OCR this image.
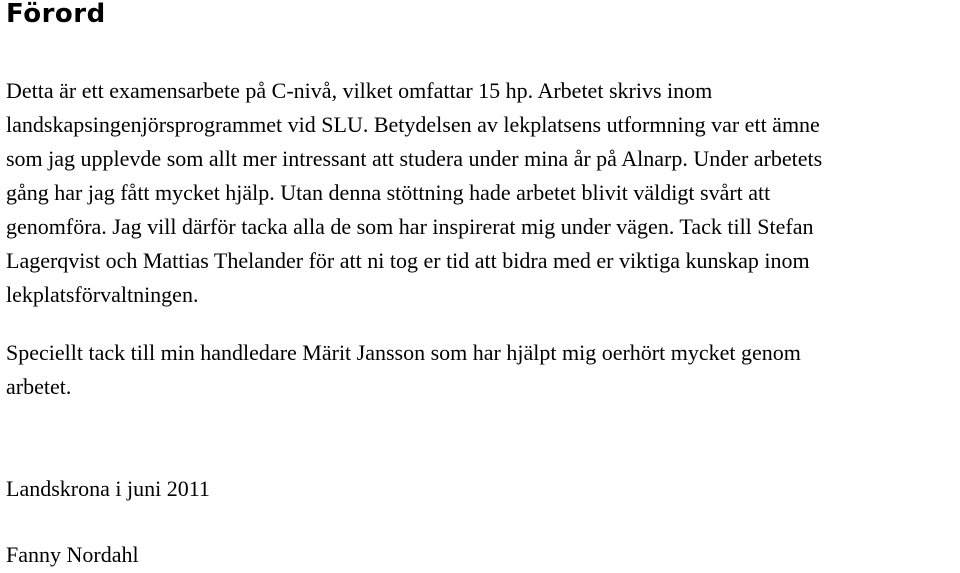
Förord

Detta är ett examensarbete på C-nivå, vilket omfattar 15 hp. Arbetet skrivs inom

landskapsingenjörsprogrammet vid SLU. Betydelsen av lekplatsens utformning var ett ämne

som jag upplevde som allt mer intressant att studera under mina år på Alnarp. Under arbetets

gång har jag fått mycket hjälp. Utan denna stöttning hade arbetet blivit väldigt svårt att

genomföra. Jag vill därför tacka alla de som har inspirerat mig under vägen. Tack till Stefan

Lagerqvist och Mattias Thelander för att ni tog er tid att bidra med er viktiga kunskap inom

lekplatsförvaltningen.

Speciellt tack till min handledare Märit Jansson som har hjälpt mig oerhört mycket genom

arbetet.

Landskrona i juni 2011

Fanny Nordahl
